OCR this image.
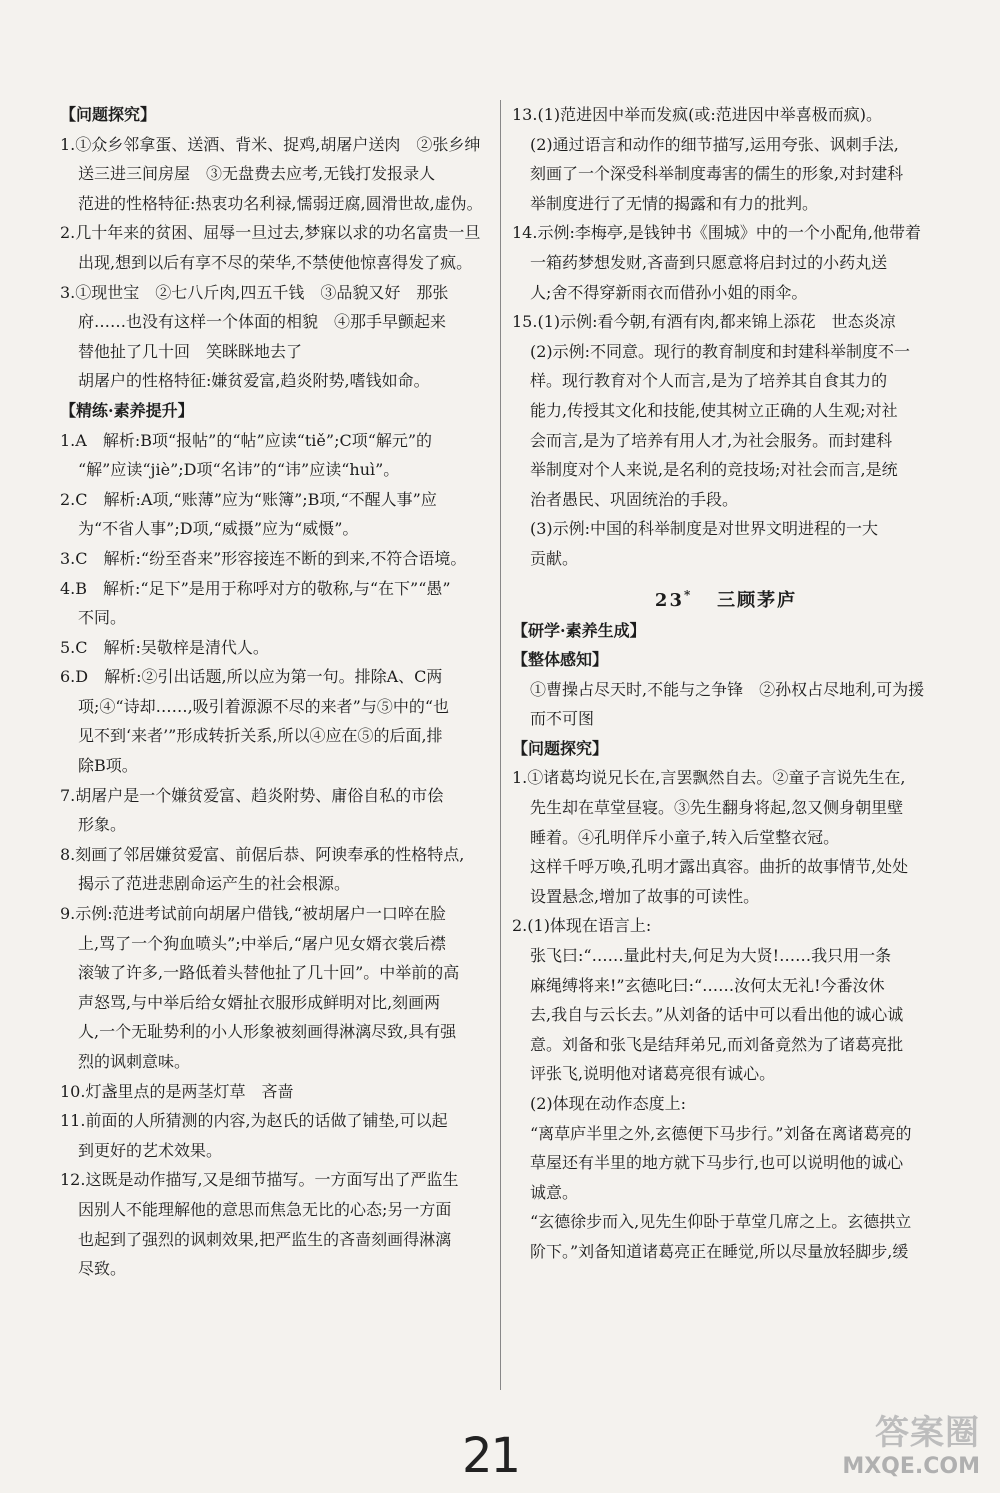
【问题探究】
1.①众乡邻拿蛋、送酒、背米、捉鸡,胡屠户送肉　②张乡绅
送三进三间房屋　③无盘费去应考,无钱打发报录人
范进的性格特征:热衷功名利禄,懦弱迂腐,圆滑世故,虚伪。
2.几十年来的贫困、屈辱一旦过去,梦寐以求的功名富贵一旦
出现,想到以后有享不尽的荣华,不禁使他惊喜得发了疯。
3.①现世宝　②七八斤肉,四五千钱　③品貌又好　那张
府……也没有这样一个体面的相貌　④那手早颤起来
替他扯了几十回　笑眯眯地去了
胡屠户的性格特征:嫌贫爱富,趋炎附势,嗜钱如命。
【精练·素养提升】
1.A　解析:B项“报帖”的“帖”应读“tiě”;C项“解元”的
“解”应读“jiè”;D项“名讳”的“讳”应读“huì”。
2.C　解析:A项,“账薄”应为“账簿”;B项,“不醒人事”应
为“不省人事”;D项,“威摄”应为“威慑”。
3.C　解析:“纷至沓来”形容接连不断的到来,不符合语境。
4.B　解析:“足下”是用于称呼对方的敬称,与“在下”“愚”
不同。
5.C　解析:吴敬梓是清代人。
6.D　解析:②引出话题,所以应为第一句。排除A、C两
项;④“诗却……,吸引着源源不尽的来者”与⑤中的“也
见不到‘来者’”形成转折关系,所以④应在⑤的后面,排
除B项。
7.胡屠户是一个嫌贫爱富、趋炎附势、庸俗自私的市侩
形象。
8.刻画了邻居嫌贫爱富、前倨后恭、阿谀奉承的性格特点,
揭示了范进悲剧命运产生的社会根源。
9.示例:范进考试前向胡屠户借钱,“被胡屠户一口啐在脸
上,骂了一个狗血喷头”;中举后,“屠户见女婿衣裳后襟
滚皱了许多,一路低着头替他扯了几十回”。中举前的高
声怒骂,与中举后给女婿扯衣服形成鲜明对比,刻画两
人,一个无耻势利的小人形象被刻画得淋漓尽致,具有强
烈的讽刺意味。
10.灯盏里点的是两茎灯草　吝啬
11.前面的人所猜测的内容,为赵氏的话做了铺垫,可以起
到更好的艺术效果。
12.这既是动作描写,又是细节描写。一方面写出了严监生
因别人不能理解他的意思而焦急无比的心态;另一方面
也起到了强烈的讽刺效果,把严监生的吝啬刻画得淋漓
尽致。
13.(1)范进因中举而发疯(或:范进因中举喜极而疯)。
(2)通过语言和动作的细节描写,运用夸张、讽刺手法,
刻画了一个深受科举制度毒害的儒生的形象,对封建科
举制度进行了无情的揭露和有力的批判。
14.示例:李梅亭,是钱钟书《围城》中的一个小配角,他带着
一箱药梦想发财,吝啬到只愿意将启封过的小药丸送
人;舍不得穿新雨衣而借孙小姐的雨伞。
15.(1)示例:看今朝,有酒有肉,都来锦上添花　世态炎凉
(2)示例:不同意。现行的教育制度和封建科举制度不一
样。现行教育对个人而言,是为了培养其自食其力的
能力,传授其文化和技能,使其树立正确的人生观;对社
会而言,是为了培养有用人才,为社会服务。而封建科
举制度对个人来说,是名利的竞技场;对社会而言,是统
治者愚民、巩固统治的手段。
(3)示例:中国的科举制度是对世界文明进程的一大
贡献。
23* 三顾茅庐
【研学·素养生成】
【整体感知】
①曹操占尽天时,不能与之争锋　②孙权占尽地利,可为援
而不可图
【问题探究】
1.①诸葛均说兄长在,言罢飘然自去。②童子言说先生在,
先生却在草堂昼寝。③先生翻身将起,忽又侧身朝里壁
睡着。④孔明佯斥小童子,转入后堂整衣冠。
这样千呼万唤,孔明才露出真容。曲折的故事情节,处处
设置悬念,增加了故事的可读性。
2.(1)体现在语言上:
张飞曰:“……量此村夫,何足为大贤!……我只用一条
麻绳缚将来!”玄德叱曰:“……汝何太无礼!今番汝休
去,我自与云长去。”从刘备的话中可以看出他的诚心诚
意。刘备和张飞是结拜弟兄,而刘备竟然为了诸葛亮批
评张飞,说明他对诸葛亮很有诚心。
(2)体现在动作态度上:
“离草庐半里之外,玄德便下马步行。”刘备在离诸葛亮的
草屋还有半里的地方就下马步行,也可以说明他的诚心
诚意。
“玄德徐步而入,见先生仰卧于草堂几席之上。玄德拱立
阶下。”刘备知道诸葛亮正在睡觉,所以尽量放轻脚步,缓
21	答案圈
MXQE.COM
